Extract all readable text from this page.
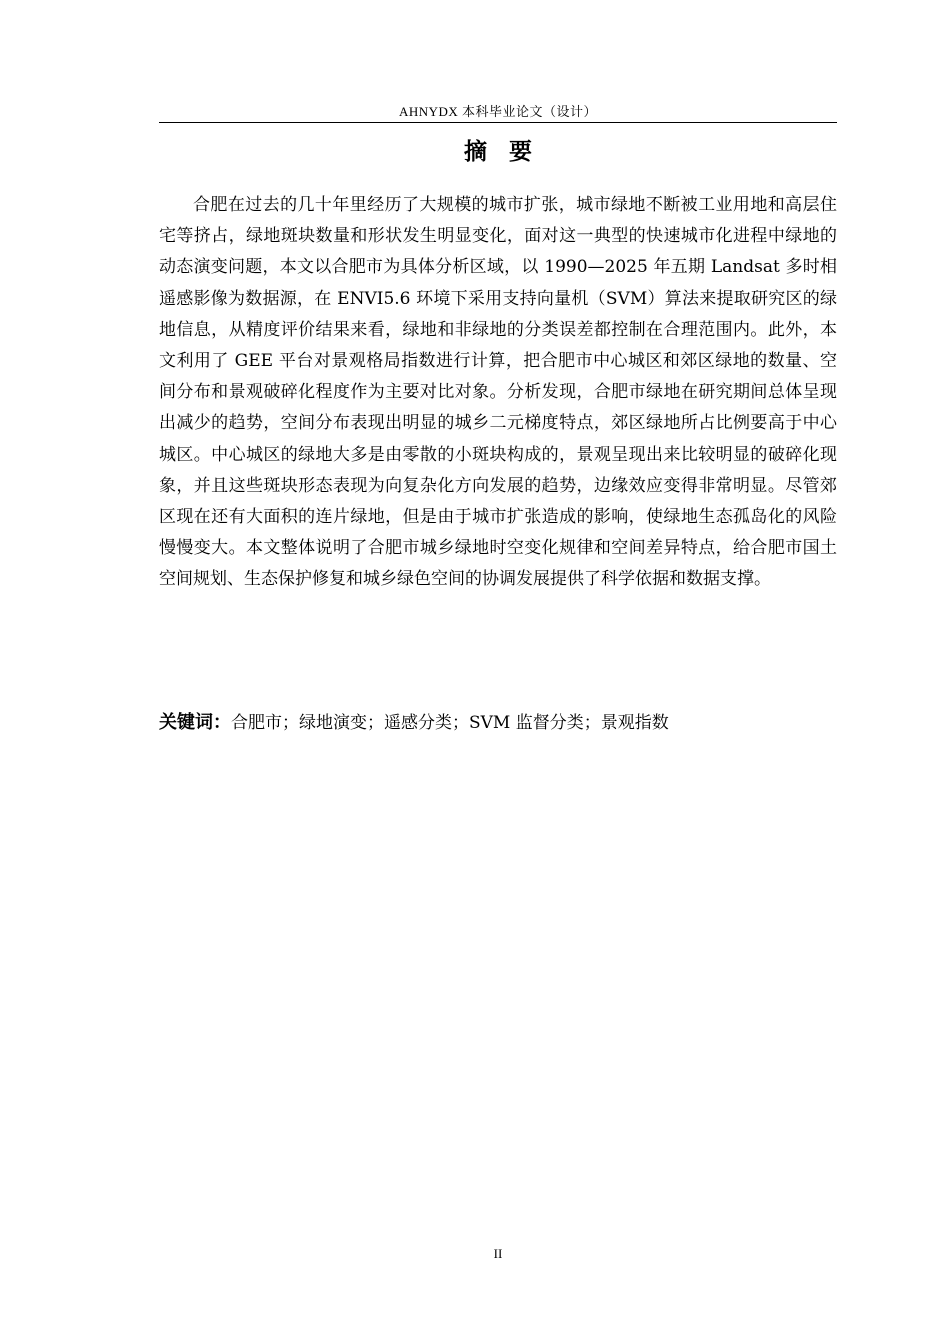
AHNYDX 本科毕业论文（设计）
摘要

合肥在过去的几十年里经历了大规模的城市扩张，城市绿地不断被工业用地和高层住宅等挤占，绿地斑块数量和形状发生明显变化，面对这一典型的快速城市化进程中绿地的动态演变问题，本文以合肥市为具体分析区域，以 1990—2025 年五期 Landsat 多时相遥感影像为数据源，在 ENVI5.6 环境下采用支持向量机（SVM）算法来提取研究区的绿地信息，从精度评价结果来看，绿地和非绿地的分类误差都控制在合理范围内。此外，本文利用了 GEE 平台对景观格局指数进行计算，把合肥市中心城区和郊区绿地的数量、空间分布和景观破碎化程度作为主要对比对象。分析发现，合肥市绿地在研究期间总体呈现出减少的趋势，空间分布表现出明显的城乡二元梯度特点，郊区绿地所占比例要高于中心城区。中心城区的绿地大多是由零散的小斑块构成的，景观呈现出来比较明显的破碎化现象，并且这些斑块形态表现为向复杂化方向发展的趋势，边缘效应变得非常明显。尽管郊区现在还有大面积的连片绿地，但是由于城市扩张造成的影响，使绿地生态孤岛化的风险慢慢变大。本文整体说明了合肥市城乡绿地时空变化规律和空间差异特点，给合肥市国土空间规划、生态保护修复和城乡绿色空间的协调发展提供了科学依据和数据支撑。

关键词：合肥市；绿地演变；遥感分类；SVM 监督分类；景观指数
II
